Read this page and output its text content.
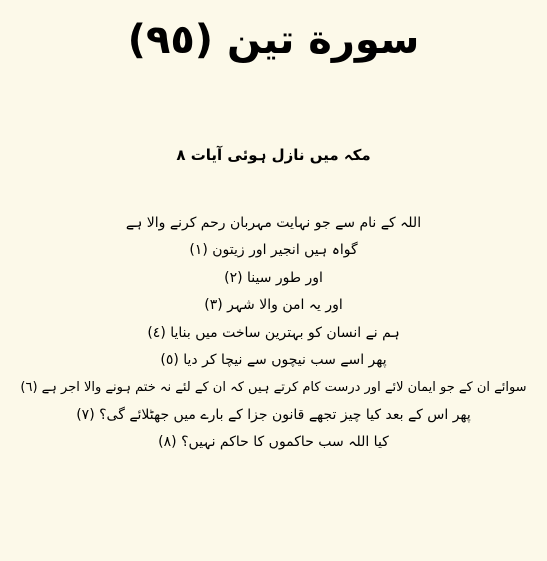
سورة تین (٩٥)
مکہ میں نازل ہوئی آیات ٨
اللہ کے نام سے جو نہایت مہربان رحم کرنے والا ہے
گواہ ہیں انجیر اور زیتون (١)
اور طور سینا (٢)
اور یہ امن والا شہر (٣)
ہم نے انسان کو بہترین ساخت میں بنایا (٤)
پھر اسے سب نیچوں سے نیچا کر دیا (٥)
سوائے ان کے جو ایمان لائے اور درست کام کرتے ہیں کہ ان کے لئے نہ ختم ہونے والا اجر ہے (٦)
پھر اس کے بعد کیا چیز تجھے قانون جزا کے بارے میں جھٹلائے گی؟ (٧)
کیا اللہ سب حاکموں کا حاکم نہیں؟ (٨)
